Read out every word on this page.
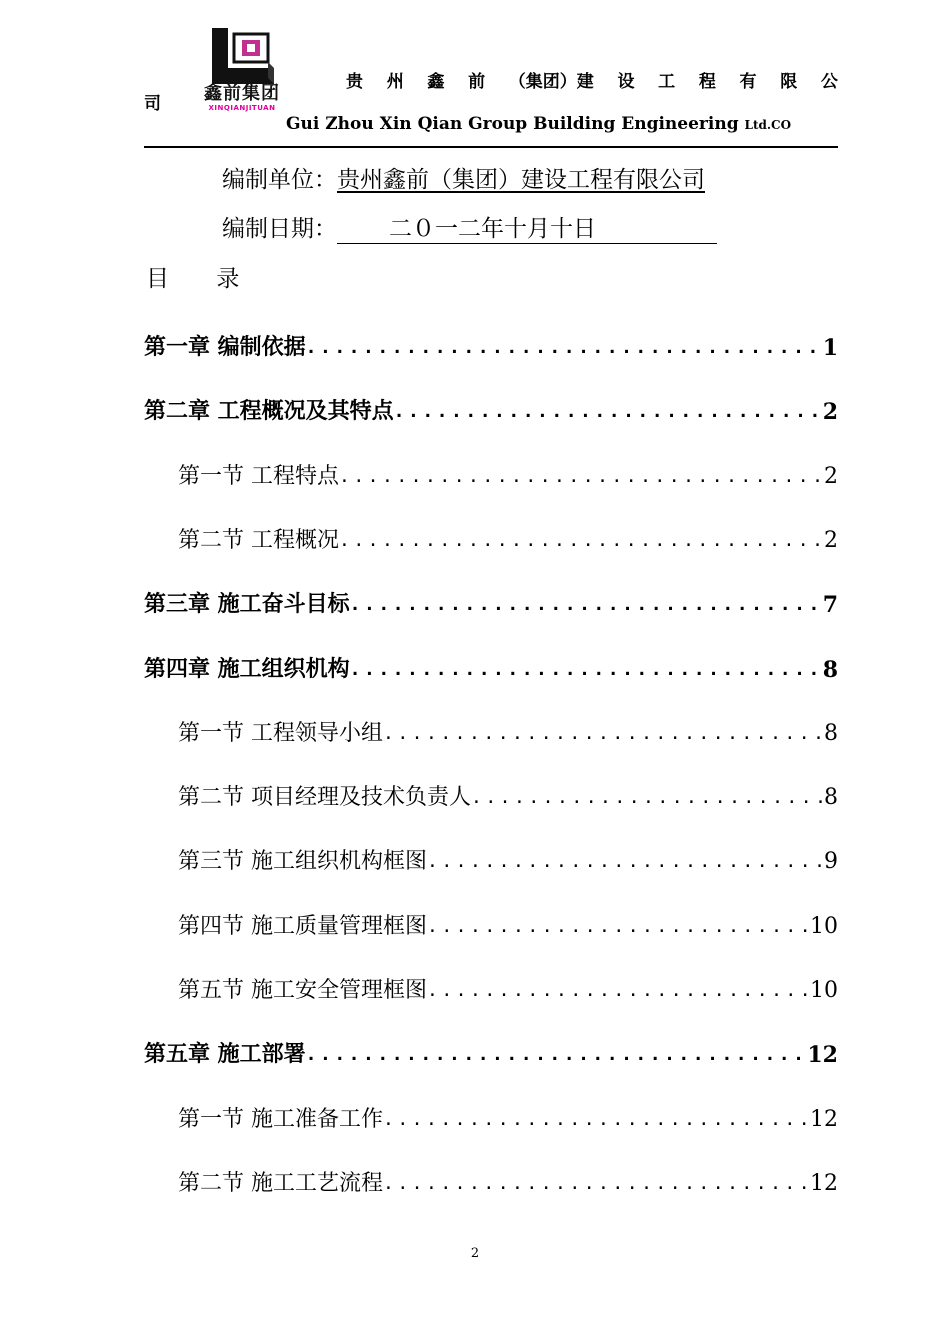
鑫前集团
XINQIANJITUAN
贵 州 鑫 前 （集团）建 设 工 程 有 限 公
司
Gui Zhou Xin Qian Group Building Engineering Ltd.CO
编制单位：贵州鑫前（集团）建设工程有限公司
编制日期： 二０一二年十月十日
目 录
第一章 编制依据 .....	1
第二章 工程概况及其特点 .....	2
第一节 工程特点 .....	2
第二节 工程概况 .....	2
第三章 施工奋斗目标 .....	7
第四章 施工组织机构 .....	8
第一节 工程领导小组 .....	8
第二节 项目经理及技术负责人 .....	8
第三节 施工组织机构框图 .....	9
第四节 施工质量管理框图 .....	10
第五节 施工安全管理框图 .....	10
第五章 施工部署 .....	12
第一节 施工准备工作 .....	12
第二节 施工工艺流程 .....	12
2
